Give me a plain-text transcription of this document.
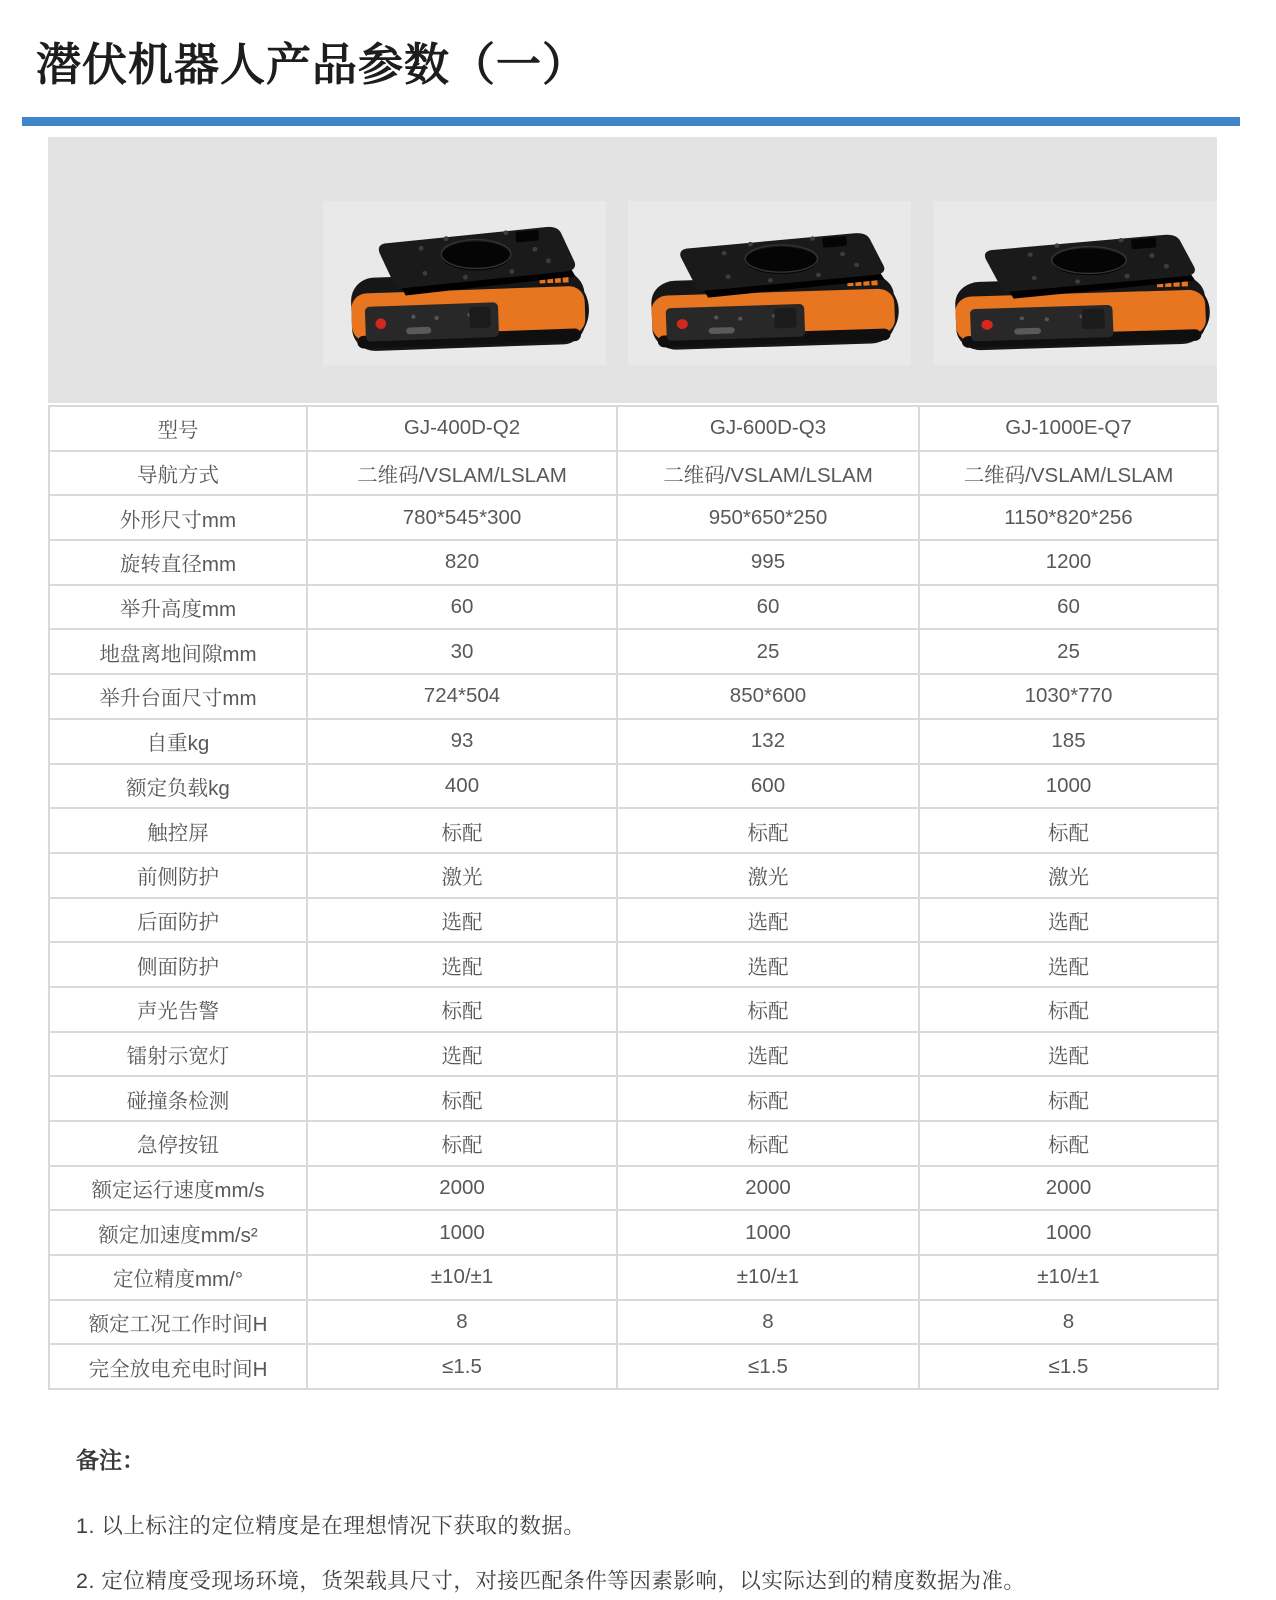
潜伏机器人产品参数（一）
型号	GJ-400D-Q2	GJ-600D-Q3	GJ-1000E-Q7
导航方式	二维码/VSLAM/LSLAM	二维码/VSLAM/LSLAM	二维码/VSLAM/LSLAM
外形尺寸mm	780*545*300	950*650*250	1150*820*256
旋转直径mm	820	995	1200
举升高度mm	60	60	60
地盘离地间隙mm	30	25	25
举升台面尺寸mm	724*504	850*600	1030*770
自重kg	93	132	185
额定负载kg	400	600	1000
触控屏	标配	标配	标配
前侧防护	激光	激光	激光
后面防护	选配	选配	选配
侧面防护	选配	选配	选配
声光告警	标配	标配	标配
镭射示宽灯	选配	选配	选配
碰撞条检测	标配	标配	标配
急停按钮	标配	标配	标配
额定运行速度mm/s	2000	2000	2000
额定加速度mm/s²	1000	1000	1000
定位精度mm/°	±10/±1	±10/±1	±10/±1
额定工况工作时间H	8	8	8
完全放电充电时间H	≤1.5	≤1.5	≤1.5

备注：

1. 以上标注的定位精度是在理想情况下获取的数据。

2. 定位精度受现场环境，货架载具尺寸，对接匹配条件等因素影响，以实际达到的精度数据为准。
